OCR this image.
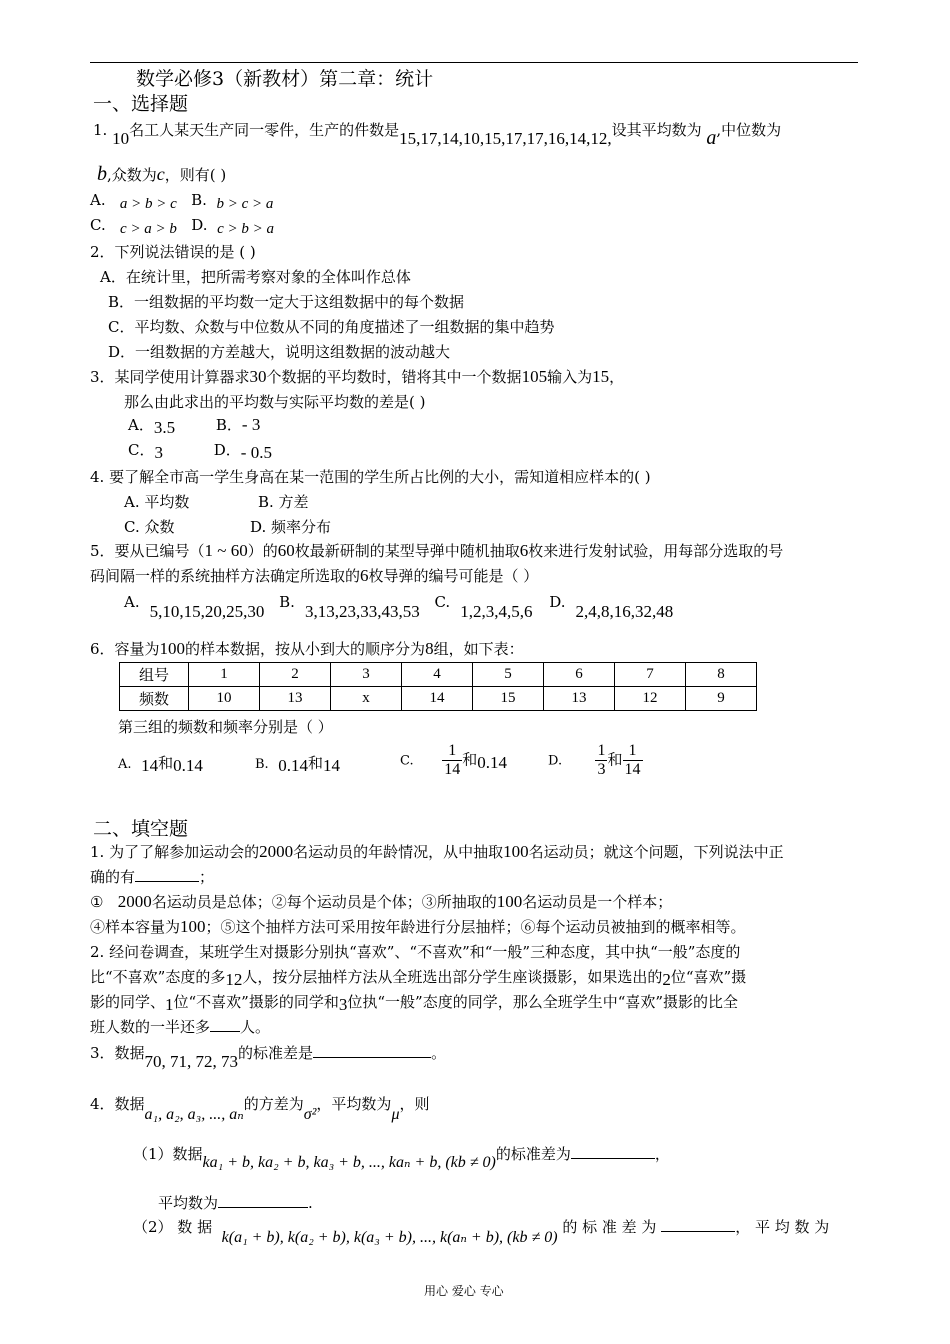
数学必修3（新教材）第二章：统计
一、选择题
1. 10名工人某天生产同一零件，生产的件数是15,17,14,10,15,17,17,16,14,12,设其平均数为 a,中位数为
b,众数为c，则有( )
A. a > b > c B. b > c > a
C. c > a > b D. c > b > a
2．下列说法错误的是 ( )
A．在统计里，把所需考察对象的全体叫作总体
B．一组数据的平均数一定大于这组数据中的每个数据
C．平均数、众数与中位数从不同的角度描述了一组数据的集中趋势
D．一组数据的方差越大，说明这组数据的波动越大
3．某同学使用计算器求30个数据的平均数时，错将其中一个数据105输入为15，
那么由此求出的平均数与实际平均数的差是( )
A．3.5	B．- 3
C．3	D．- 0.5
4. 要了解全市高一学生身高在某一范围的学生所占比例的大小，需知道相应样本的( )
A. 平均数	B. 方差
C. 众数	D. 频率分布
5．要从已编号（1 ~ 60）的60枚最新研制的某型导弹中随机抽取6枚来进行发射试验，用每部分选取的号
码间隔一样的系统抽样方法确定所选取的6枚导弹的编号可能是（ ）
A. 5,10,15,20,25,30 B. 3,13,23,33,43,53 C. 1,2,3,4,5,6 D. 2,4,8,16,32,48
6．容量为100的样本数据，按从小到大的顺序分为8组，如下表：
组号	1	2	3	4	5	6	7	8
频数	10	13	x	14	15	13	12	9
第三组的频数和频率分别是（ ）
A. 14和0.14	B. 0.14和14	C. $\frac{1}{14}$ 和0.14	D. $\frac{1}{3}$ 和 $\frac{1}{14}$
二、填空题
1. 为了了解参加运动会的2000名运动员的年龄情况，从中抽取100名运动员；就这个问题，下列说法中正
确的有	；
① 2000名运动员是总体；②每个运动员是个体；③所抽取的100名运动员是一个样本；
④样本容量为100；⑤这个抽样方法可采用按年龄进行分层抽样；⑥每个运动员被抽到的概率相等。
2. 经问卷调查，某班学生对摄影分别执“喜欢”、“不喜欢”和“一般”三种态度，其中执“一般”态度的
比“不喜欢”态度的多12人，按分层抽样方法从全班选出部分学生座谈摄影，如果选出的2位“喜欢”摄
影的同学、1位“不喜欢”摄影的同学和3位执“一般”态度的同学，那么全班学生中“喜欢”摄影的比全
班人数的一半还多 人。
3．数据70, 71, 72, 73的标准差是	。
4．数据a₁, a₂, a₃, ..., aₙ的方差为σ²，平均数为μ，则
（1）数据ka₁ + b, ka₂ + b, ka₃ + b, ..., kaₙ + b, (kb ≠ 0)的标准差为	，
平均数为	.
（2） 数 据  k(a₁ + b), k(a₂ + b), k(a₃ + b), ..., k(aₙ + b), (kb ≠ 0) 的 标 准 差 为	， 平 均 数 为
用心 爱心 专心
